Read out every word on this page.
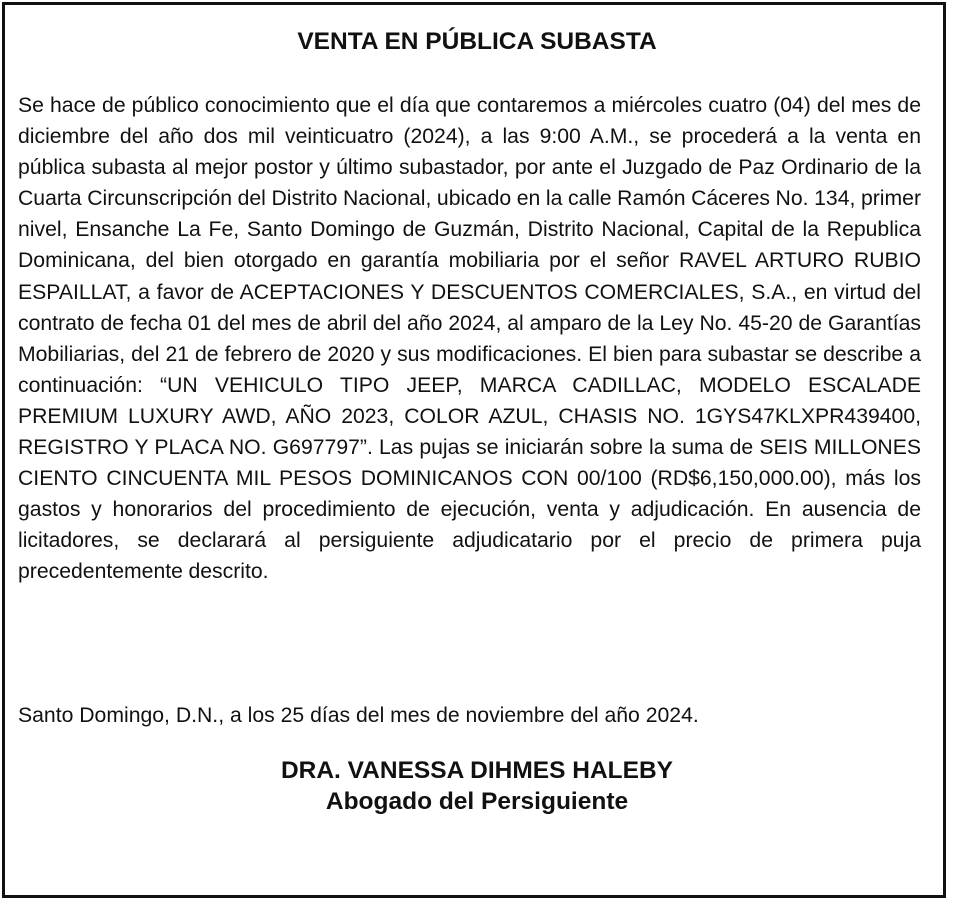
VENTA EN PÚBLICA SUBASTA

Se hace de público conocimiento que el día que contaremos a miércoles cuatro (04) del mes de diciembre del año dos mil veinticuatro (2024), a las 9:00 A.M., se procederá a la venta en pública subasta al mejor postor y último subastador, por ante el Juzgado de Paz Ordinario de la Cuarta Circunscripción del Distrito Nacional, ubicado en la calle Ramón Cáceres No. 134, primer nivel, Ensanche La Fe, Santo Domingo de Guzmán, Distrito Nacional, Capital de la Republica Dominicana, del bien otorgado en garantía mobiliaria por el señor RAVEL ARTURO RUBIO ESPAILLAT, a favor de ACEPTACIONES Y DESCUENTOS COMERCIALES, S.A., en virtud del contrato de fecha 01 del mes de abril del año 2024, al amparo de la Ley No. 45-20 de Garantías Mobiliarias, del 21 de febrero de 2020 y sus modificaciones. El bien para subastar se describe a continuación: “UN VEHICULO TIPO JEEP, MARCA CADILLAC, MODELO ESCALADE PREMIUM LUXURY AWD, AÑO 2023, COLOR AZUL, CHASIS NO. 1GYS47KLXPR439400, REGISTRO Y PLACA NO. G697797”. Las pujas se iniciarán sobre la suma de SEIS MILLONES CIENTO CINCUENTA MIL PESOS DOMINICANOS CON 00/100 (RD$6,150,000.00), más los gastos y honorarios del procedimiento de ejecución, venta y adjudicación. En ausencia de licitadores, se declarará al persiguiente adjudicatario por el precio de primera puja precedentemente descrito.

Santo Domingo, D.N., a los 25 días del mes de noviembre del año 2024.

DRA. VANESSA DIHMES HALEBY
Abogado del Persiguiente
